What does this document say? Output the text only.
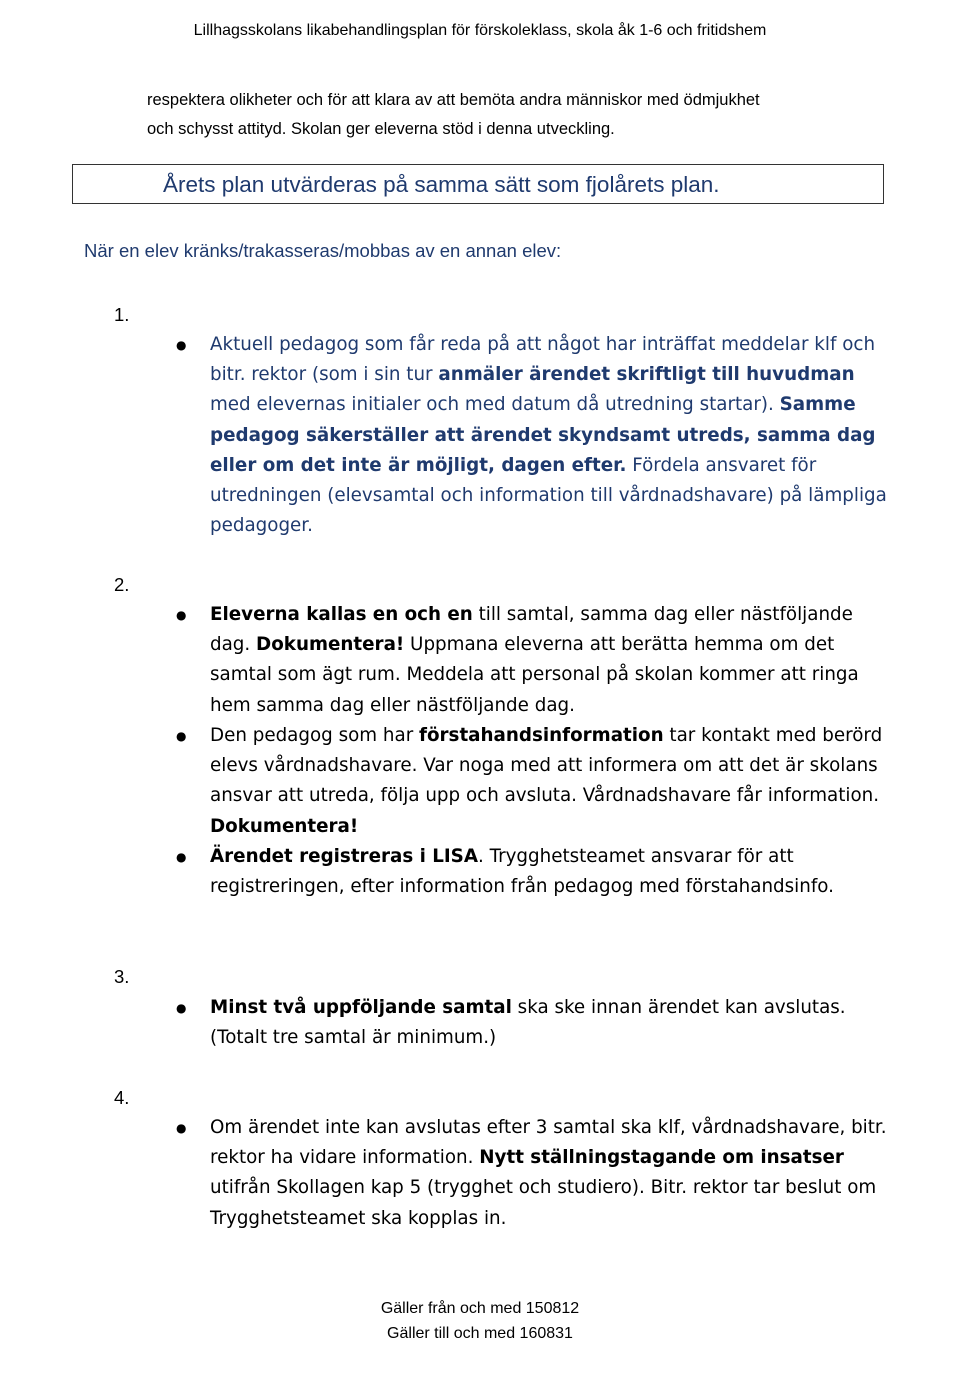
Lillhagsskolans likabehandlingsplan för förskoleklass, skola åk 1-6 och fritidshem
respektera olikheter och för att klara av att bemöta andra människor med ödmjukhet
och schysst attityd. Skolan ger eleverna stöd i denna utveckling.
Årets plan utvärderas på samma sätt som fjolårets plan.
När en elev kränks/trakasseras/mobbas av en annan elev:
1.
● Aktuell pedagog som får reda på att något har inträffat meddelar klf och bitr. rektor (som i sin tur anmäler ärendet skriftligt till huvudman med elevernas initialer och med datum då utredning startar). Samme pedagog säkerställer att ärendet skyndsamt utreds, samma dag eller om det inte är möjligt, dagen efter. Fördela ansvaret för utredningen (elevsamtal och information till vårdnadshavare) på lämpliga pedagoger.
2.
● Eleverna kallas en och en till samtal, samma dag eller nästföljande dag. Dokumentera! Uppmana eleverna att berätta hemma om det samtal som ägt rum. Meddela att personal på skolan kommer att ringa hem samma dag eller nästföljande dag.
● Den pedagog som har förstahandsinformation tar kontakt med berörd elevs vårdnadshavare. Var noga med att informera om att det är skolans ansvar att utreda, följa upp och avsluta. Vårdnadshavare får information. Dokumentera!
● Ärendet registreras i LISA. Trygghetsteamet ansvarar för att registreringen, efter information från pedagog med förstahandsinfo.
3.
● Minst två uppföljande samtal ska ske innan ärendet kan avslutas. (Totalt tre samtal är minimum.)
4.
● Om ärendet inte kan avslutas efter 3 samtal ska klf, vårdnadshavare, bitr. rektor ha vidare information. Nytt ställningstagande om insatser utifrån Skollagen kap 5 (trygghet och studiero). Bitr. rektor tar beslut om Trygghetsteamet ska kopplas in.
Gäller från och med 150812
Gäller till och med 160831
